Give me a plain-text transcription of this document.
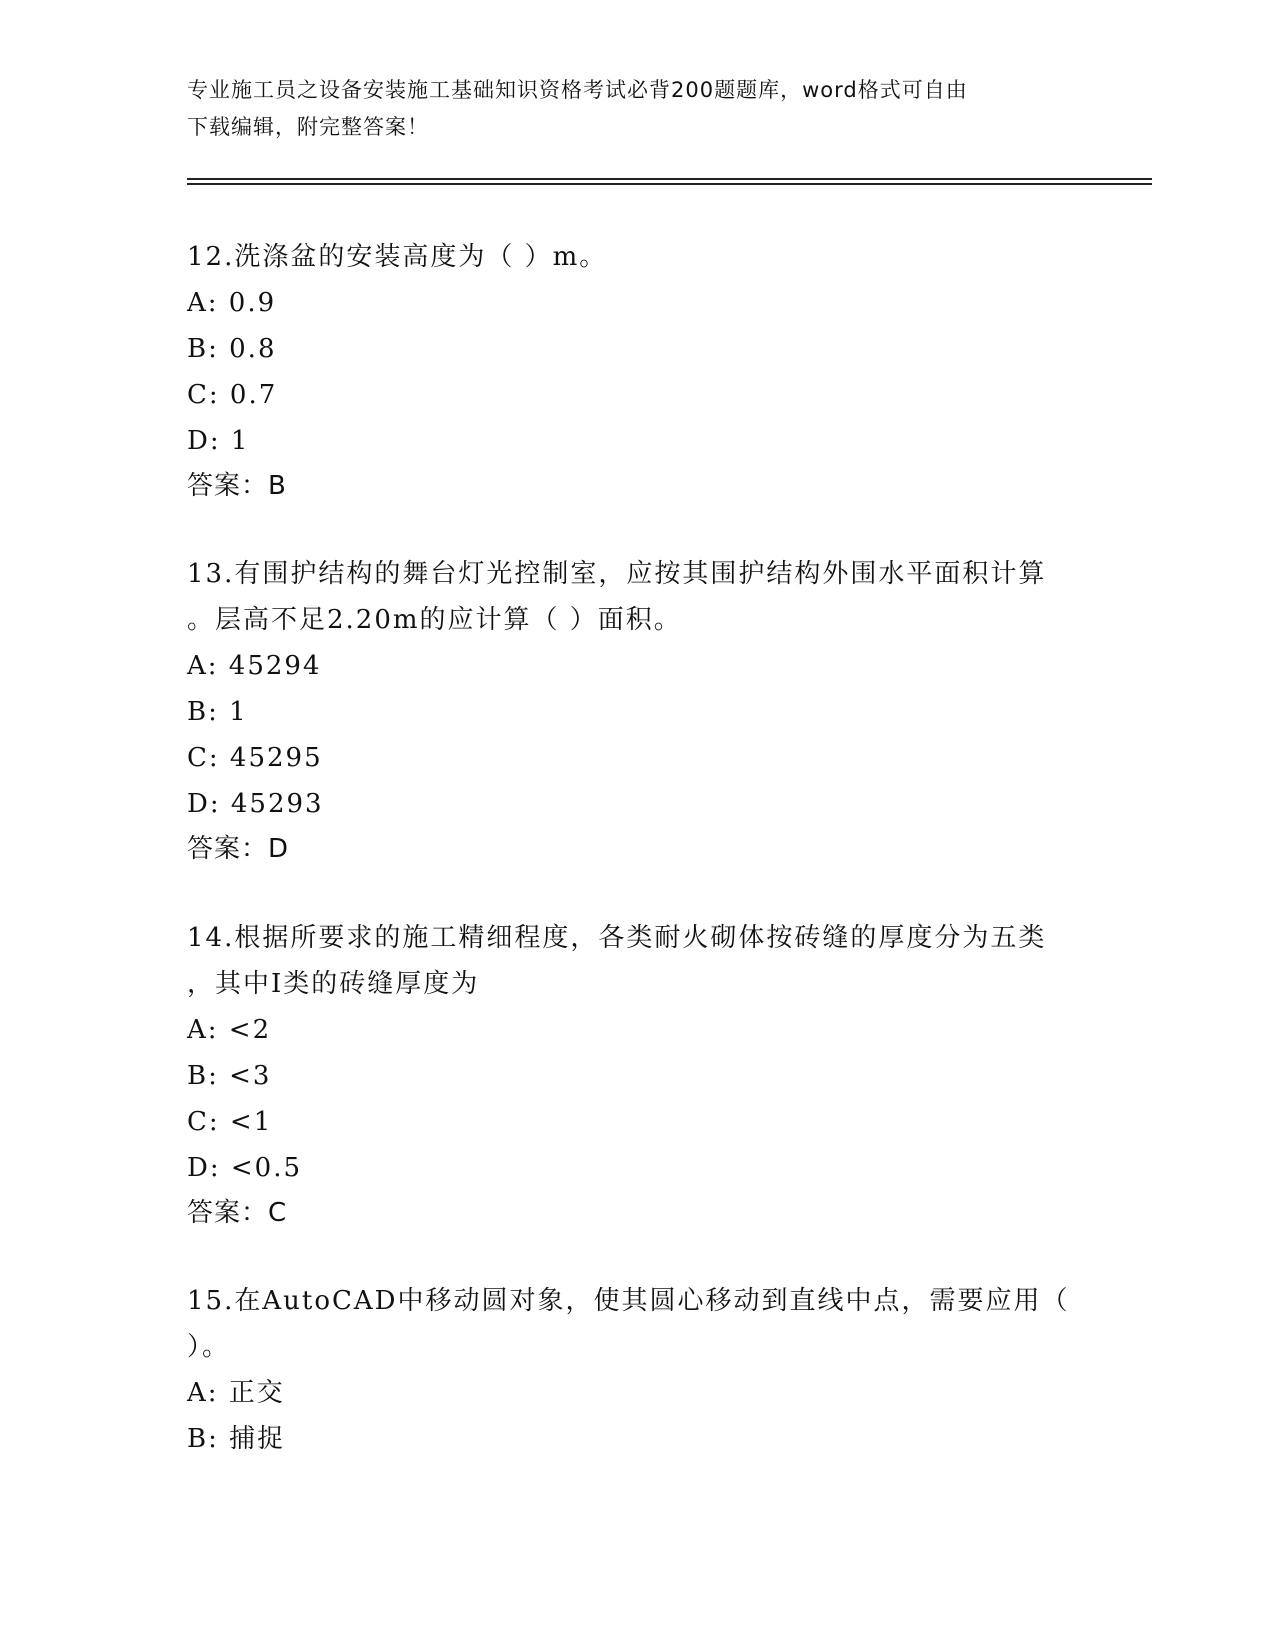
专业施工员之设备安装施工基础知识资格考试必背200题题库，word格式可自由
下载编辑，附完整答案！
12.洗涤盆的安装高度为（ ）m。
A: 0.9
B: 0.8
C: 0.7
D: 1
答案：B
13.有围护结构的舞台灯光控制室，应按其围护结构外围水平面积计算
。层高不足2.20m的应计算（ ）面积。
A: 45294
B: 1
C: 45295
D: 45293
答案：D
14.根据所要求的施工精细程度，各类耐火砌体按砖缝的厚度分为五类
，其中I类的砖缝厚度为
A: <2
B: <3
C: <1
D: <0.5
答案：C
15.在AutoCAD中移动圆对象，使其圆心移动到直线中点，需要应用（
）。
A: 正交
B: 捕捉
